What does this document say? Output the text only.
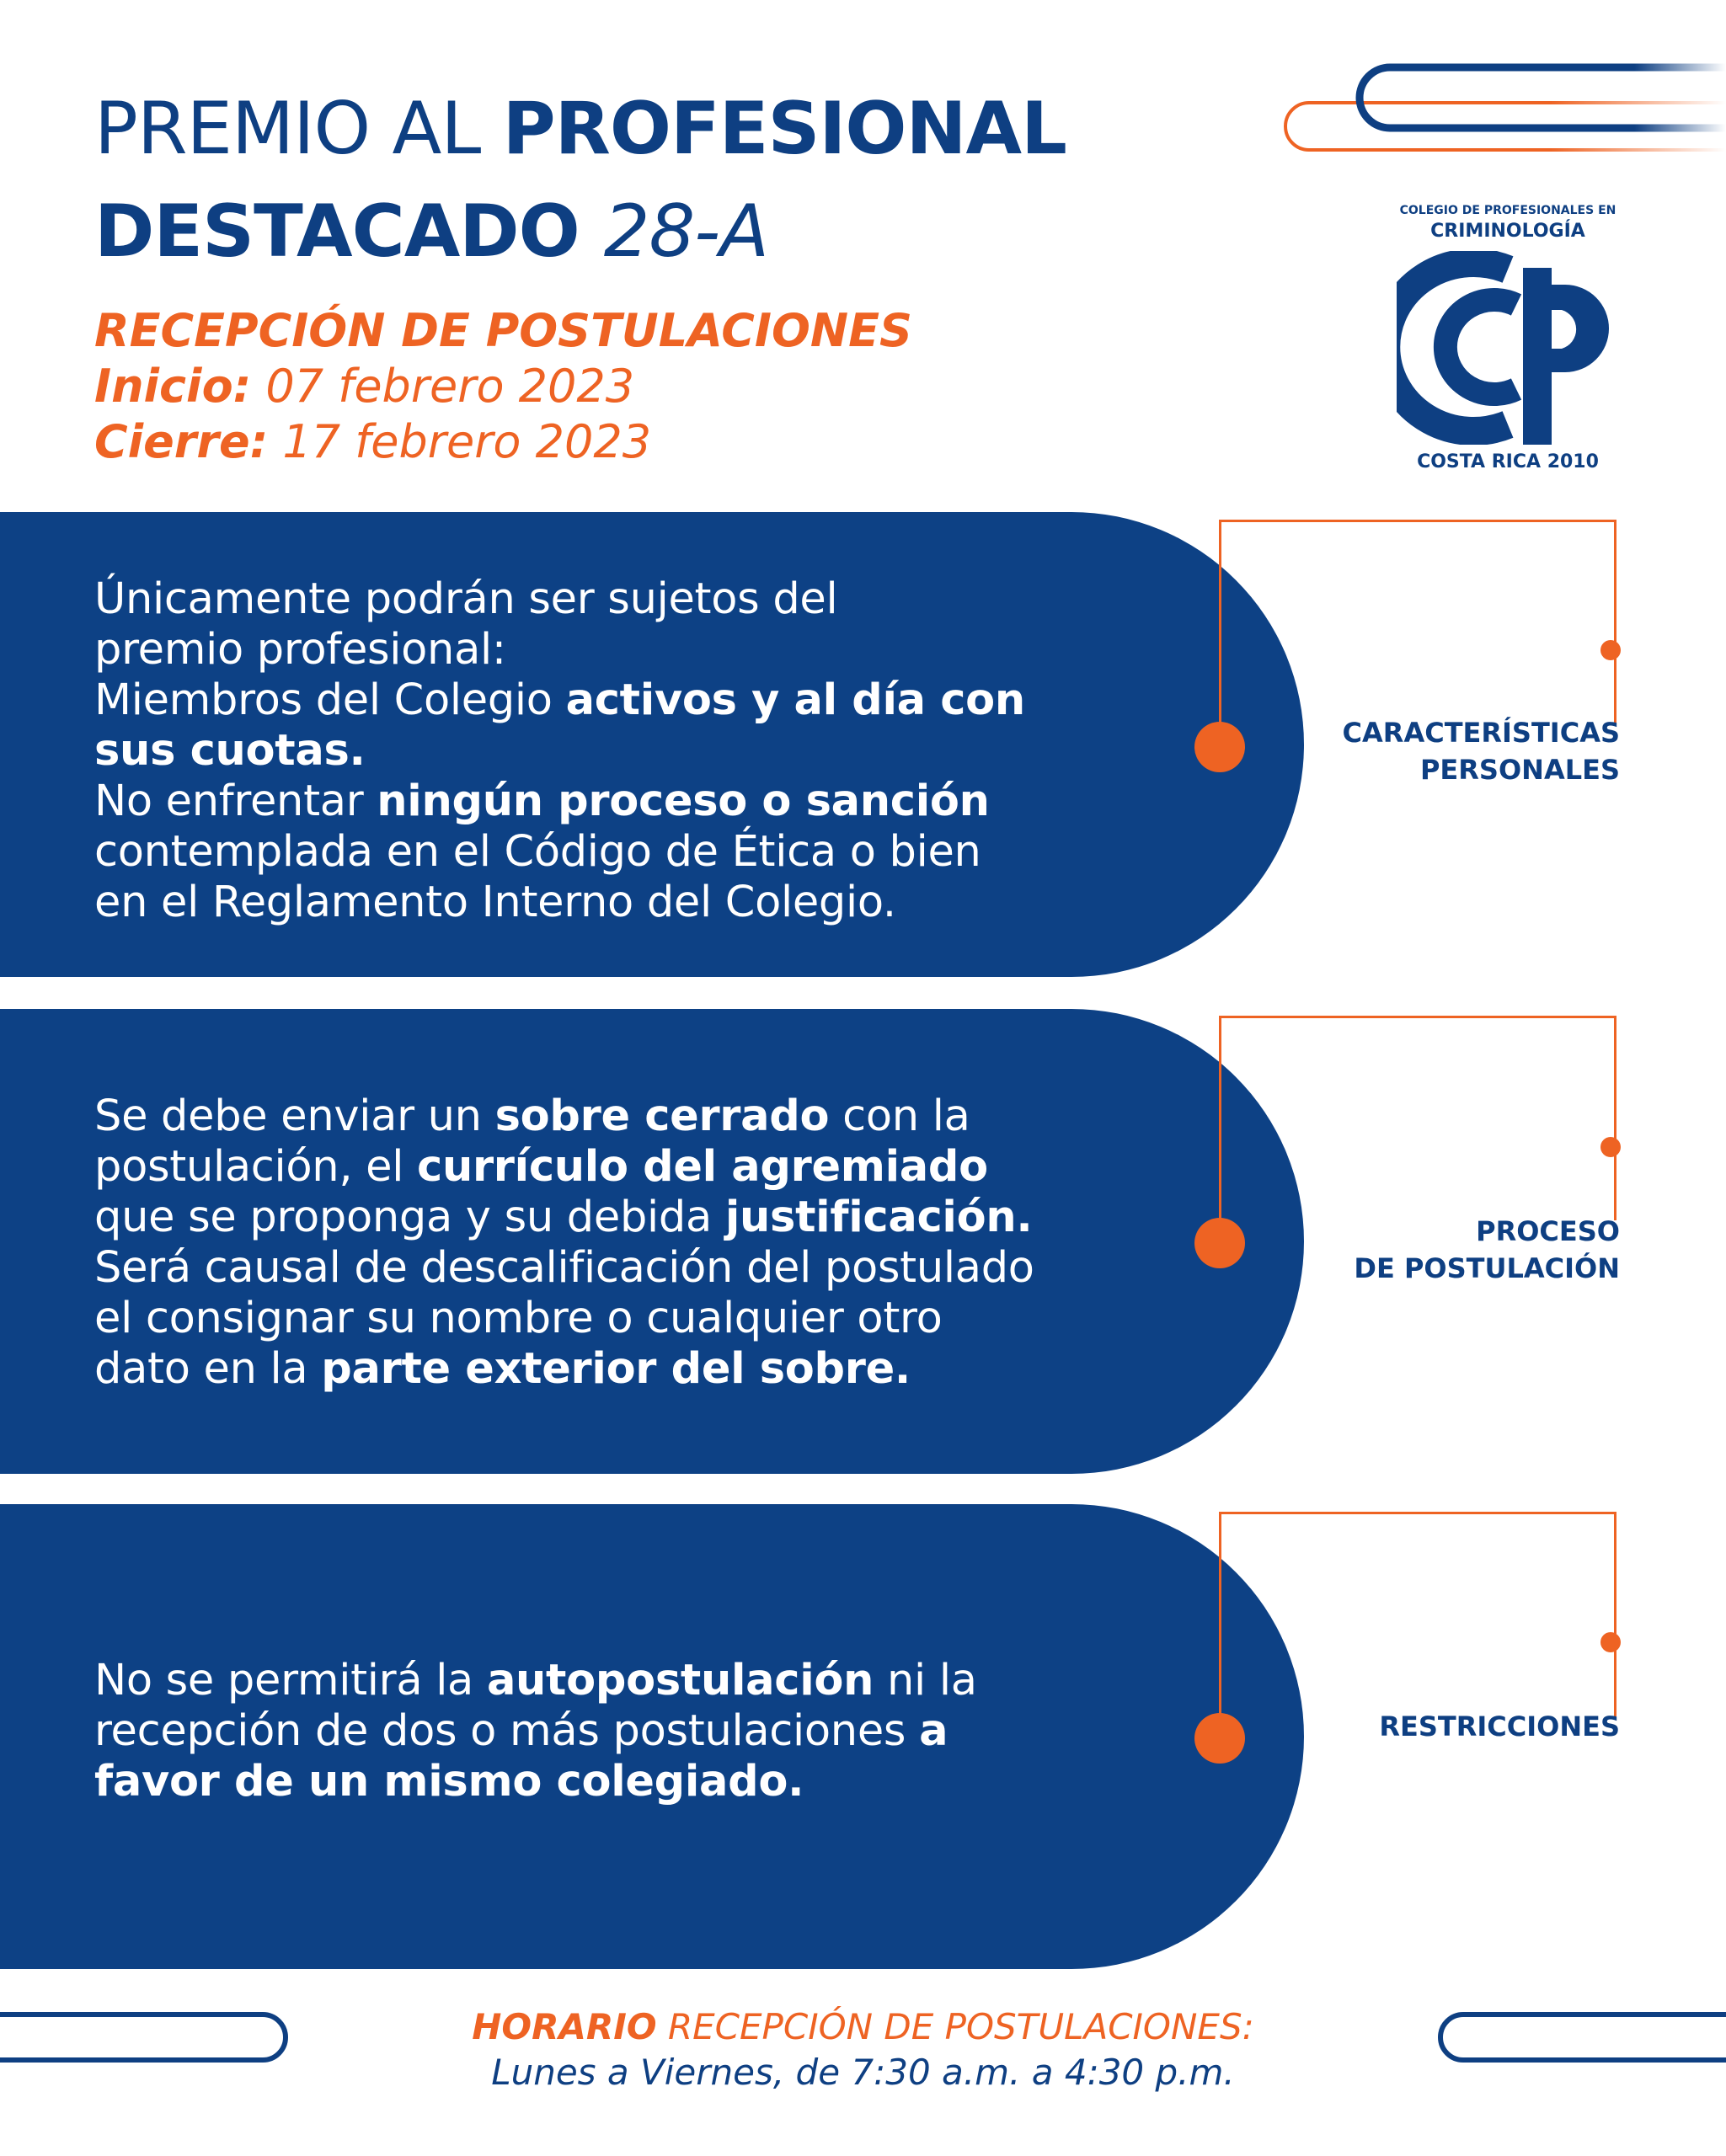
PREMIO AL PROFESIONAL
DESTACADO 28-A
RECEPCIÓN DE POSTULACIONES
Inicio: 07 febrero 2023
Cierre: 17 febrero 2023
COLEGIO DE PROFESIONALES EN
CRIMINOLOGÍA
COSTA RICA 2010
Únicamente podrán ser sujetos del
premio profesional:
Miembros del Colegio activos y al día con
sus cuotas.
No enfrentar ningún proceso o sanción
contemplada en el Código de Ética o bien
en el Reglamento Interno del Colegio.
CARACTERÍSTICAS
PERSONALES
Se debe enviar un sobre cerrado con la
postulación, el currículo del agremiado
que se proponga y su debida justificación.
Será causal de descalificación del postulado
el consignar su nombre o cualquier otro
dato en la parte exterior del sobre.
PROCESO
DE POSTULACIÓN
No se permitirá la autopostulación ni la
recepción de dos o más postulaciones a
favor de un mismo colegiado.
RESTRICCIONES
HORARIO RECEPCIÓN DE POSTULACIONES:
Lunes a Viernes, de 7:30 a.m. a 4:30 p.m.
